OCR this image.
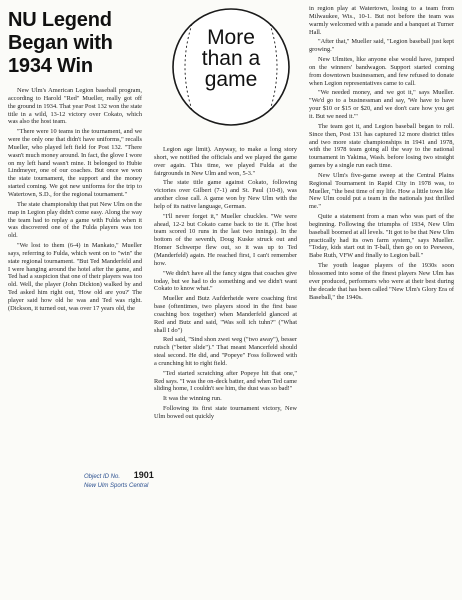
NU Legend
Began with
1934 Win

New Ulm's American Legion baseball program, according to Harold "Red" Mueller, really got off the ground in 1934. That year Post 132 won the state title in a wild, 13-12 victory over Cokato, which was also the host team.

"There were 10 teams in the tournament, and we were the only one that didn't have uniforms," recalls Mueller, who played left field for Post 132. "There wasn't much money around. In fact, the glove I wore on my left hand wasn't mine. It belonged to Hubie Lindmeyer, one of our coaches. But once we won the state tournament, the support and the money started coming. We got new uniforms for the trip to Watertown, S.D., for the regional tournament."

The state championship that put New Ulm on the map in Legion play didn't come easy. Along the way the team had to replay a game with Fulda when it was discovered one of the Fulda players was too old.

"We lost to them (6-4) in Mankato," Mueller says, referring to Fulda, which went on to "win" the state regional tournament. "But Ted Manderfeld and I were hanging around the hotel after the game, and Ted had a suspicion that one of their players was too old. Well, the player (John Dickton) walked by and Ted asked him right out, 'How old are you?' The player said how old he was and Ted was right. (Dickson, it turned out, was over 17 years old, the

More
than a
game
Object ID No. 1901
New Ulm Sports Central

Legion age limit). Anyway, to make a long story short, we notified the officials and we played the game over again. This time, we played Fulda at the fairgrounds in New Ulm and won, 5-3."

The state title game against Cokato, following victories over Gilbert (7-1) and St. Paul (10-8), was another close call. A game won by New Ulm with the help of its native language, German.

"I'll never forget it," Mueller chuckles. "We were ahead, 12-2 but Cokato came back to tie it. (The host team scored 10 runs in the last two innings). In the bottom of the seventh, Doug Kuske struck out and Homer Schwerpe flew out, so it was up to Ted (Manderfeld) again. He reached first, I can't remember how.

"We didn't have all the fancy signs that coaches give today, but we had to do something and we didn't want Cokato to know what."

Mueller and Butz Aufderheide were coaching first base (oftentimes, two players stood in the first base coaching box together) when Manderfeld glanced at Red and Butz and said, "Was soll ich tuhn?" ("What shall I do")

Red said, "Sind shon zwei weg ("two away"), besser rutsch ("better slide")." That meant Mancerfeld should steal second. He did, and "Popeye" Foss followed with a crunching hit to right field.

"Ted started scratching after Popeye hit that one," Red says. "I was the on-deck batter, and when Ted came sliding home, I couldn't see him, the dust was so bad!"

It was the winning run.

Following its first state tournament victory, New Ulm bowed out quickly

in region play at Watertown, losing to a team from Milwaukee, Wis., 10-1. But not before the team was warmly welcomed with a parade and a banquet at Turner Hall.

"After that," Mueller said, "Legion baseball just kept growing."

New Ulmites, like anyone else would have, jumped on the winners' bandwagon. Support started coming from downtown businessmen, and few refused to donate when Legion representatives came to call.

"We needed money, and we got it," says Mueller. "We'd go to a businessman and say, 'We have to have your $10 or $15 or $20, and we don't care how you get it. But we need it.'"

The team got it, and Legion baseball began to roll. Since then, Post 131 has captured 12 more district titles and two more state championships in 1941 and 1978, with the 1978 team going all the way to the national tournament in Yakima, Wash. before losing two straight games by a single run each time.

New Ulm's five-game sweep at the Central Plains Regional Tournament in Rapid City in 1978 was, to Mueller, "the best time of my life. How a little town like New Ulm could put a team in the nationals just thrilled me."

Quite a statement from a man who was part of the beginning. Following the triumphs of 1934, New Ulm baseball boomed at all levels. "It got to be that New Ulm practically had its own farm system," says Mueller. "Today, kids start out in T-ball, then go on to Peewees, Babe Ruth, VFW and finally to Legion ball."

The youth league players of the 1930s soon blossomed into some of the finest players New Ulm has ever produced, performers who were at their best during the decade that has been called "New Ulm's Glory Era of Baseball," the 1940s.
